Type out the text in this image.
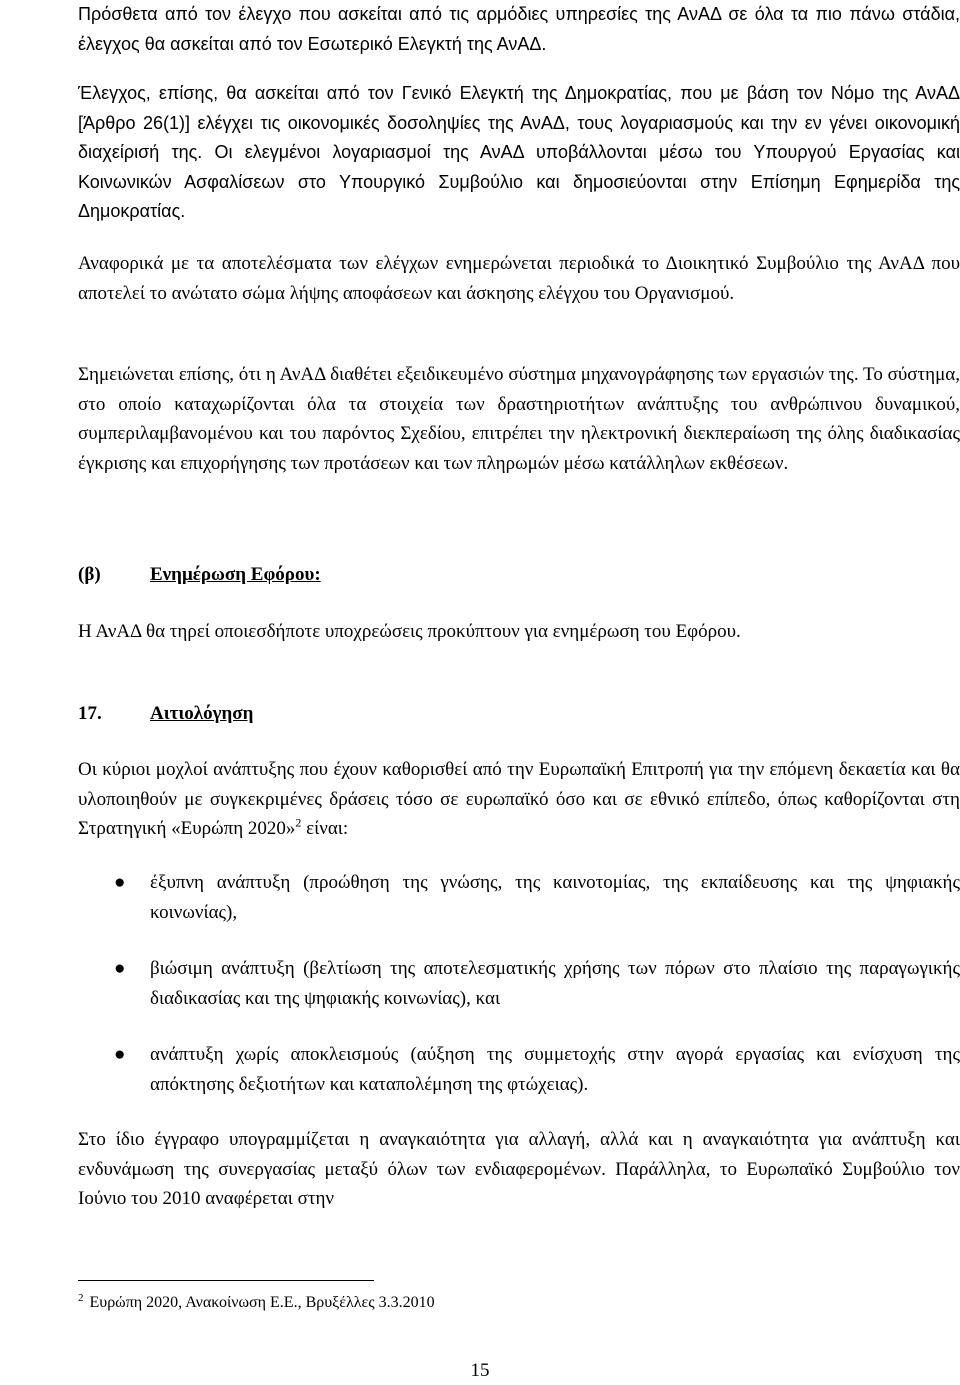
Πρόσθετα από τον έλεγχο που ασκείται από τις αρμόδιες υπηρεσίες της ΑνΑΔ σε όλα τα πιο πάνω στάδια, έλεγχος θα ασκείται από τον Εσωτερικό Ελεγκτή της ΑνΑΔ.

Έλεγχος, επίσης, θα ασκείται από τον Γενικό Ελεγκτή της Δημοκρατίας, που με βάση τον Νόμο της ΑνΑΔ [Άρθρο 26(1)] ελέγχει τις οικονομικές δοσοληψίες της ΑνΑΔ, τους λογαριασμούς και την εν γένει οικονομική διαχείρισή της. Οι ελεγμένοι λογαριασμοί της ΑνΑΔ υποβάλλονται μέσω του Υπουργού Εργασίας και Κοινωνικών Ασφαλίσεων στο Υπουργικό Συμβούλιο και δημοσιεύονται στην Επίσημη Εφημερίδα της Δημοκρατίας.

Αναφορικά με τα αποτελέσματα των ελέγχων ενημερώνεται περιοδικά το Διοικητικό Συμβούλιο της ΑνΑΔ που αποτελεί το ανώτατο σώμα λήψης αποφάσεων και άσκησης ελέγχου του Οργανισμού.

Σημειώνεται επίσης, ότι η ΑνΑΔ διαθέτει εξειδικευμένο σύστημα μηχανογράφησης των εργασιών της. Το σύστημα, στο οποίο καταχωρίζονται όλα τα στοιχεία των δραστηριοτήτων ανάπτυξης του ανθρώπινου δυναμικού, συμπεριλαμβανομένου και του παρόντος Σχεδίου, επιτρέπει την ηλεκτρονική διεκπεραίωση της όλης διαδικασίας έγκρισης και επιχορήγησης των προτάσεων και των πληρωμών μέσω κατάλληλων εκθέσεων.

(β)	Ενημέρωση Εφόρου:

Η ΑνΑΔ θα τηρεί οποιεσδήποτε υποχρεώσεις προκύπτουν για ενημέρωση του Εφόρου.

17.	Αιτιολόγηση

Οι κύριοι μοχλοί ανάπτυξης που έχουν καθορισθεί από την Ευρωπαϊκή Επιτροπή για την επόμενη δεκαετία και θα υλοποιηθούν με συγκεκριμένες δράσεις τόσο σε ευρωπαϊκό όσο και σε εθνικό επίπεδο, όπως καθορίζονται στη Στρατηγική «Ευρώπη 2020»$^2$ είναι:

● έξυπνη ανάπτυξη (προώθηση της γνώσης, της καινοτομίας, της εκπαίδευσης και της ψηφιακής κοινωνίας),
● βιώσιμη ανάπτυξη (βελτίωση της αποτελεσματικής χρήσης των πόρων στο πλαίσιο της παραγωγικής διαδικασίας και της ψηφιακής κοινωνίας), και
● ανάπτυξη χωρίς αποκλεισμούς (αύξηση της συμμετοχής στην αγορά εργασίας και ενίσχυση της απόκτησης δεξιοτήτων και καταπολέμηση της φτώχειας).

Στο ίδιο έγγραφο υπογραμμίζεται η αναγκαιότητα για αλλαγή, αλλά και η αναγκαιότητα για ανάπτυξη και ενδυνάμωση της συνεργασίας μεταξύ όλων των ενδιαφερομένων. Παράλληλα, το Ευρωπαϊκό Συμβούλιο τον Ιούνιο του 2010 αναφέρεται στην

$^2$ Ευρώπη 2020, Ανακοίνωση Ε.Ε., Βρυξέλλες 3.3.2010
15
